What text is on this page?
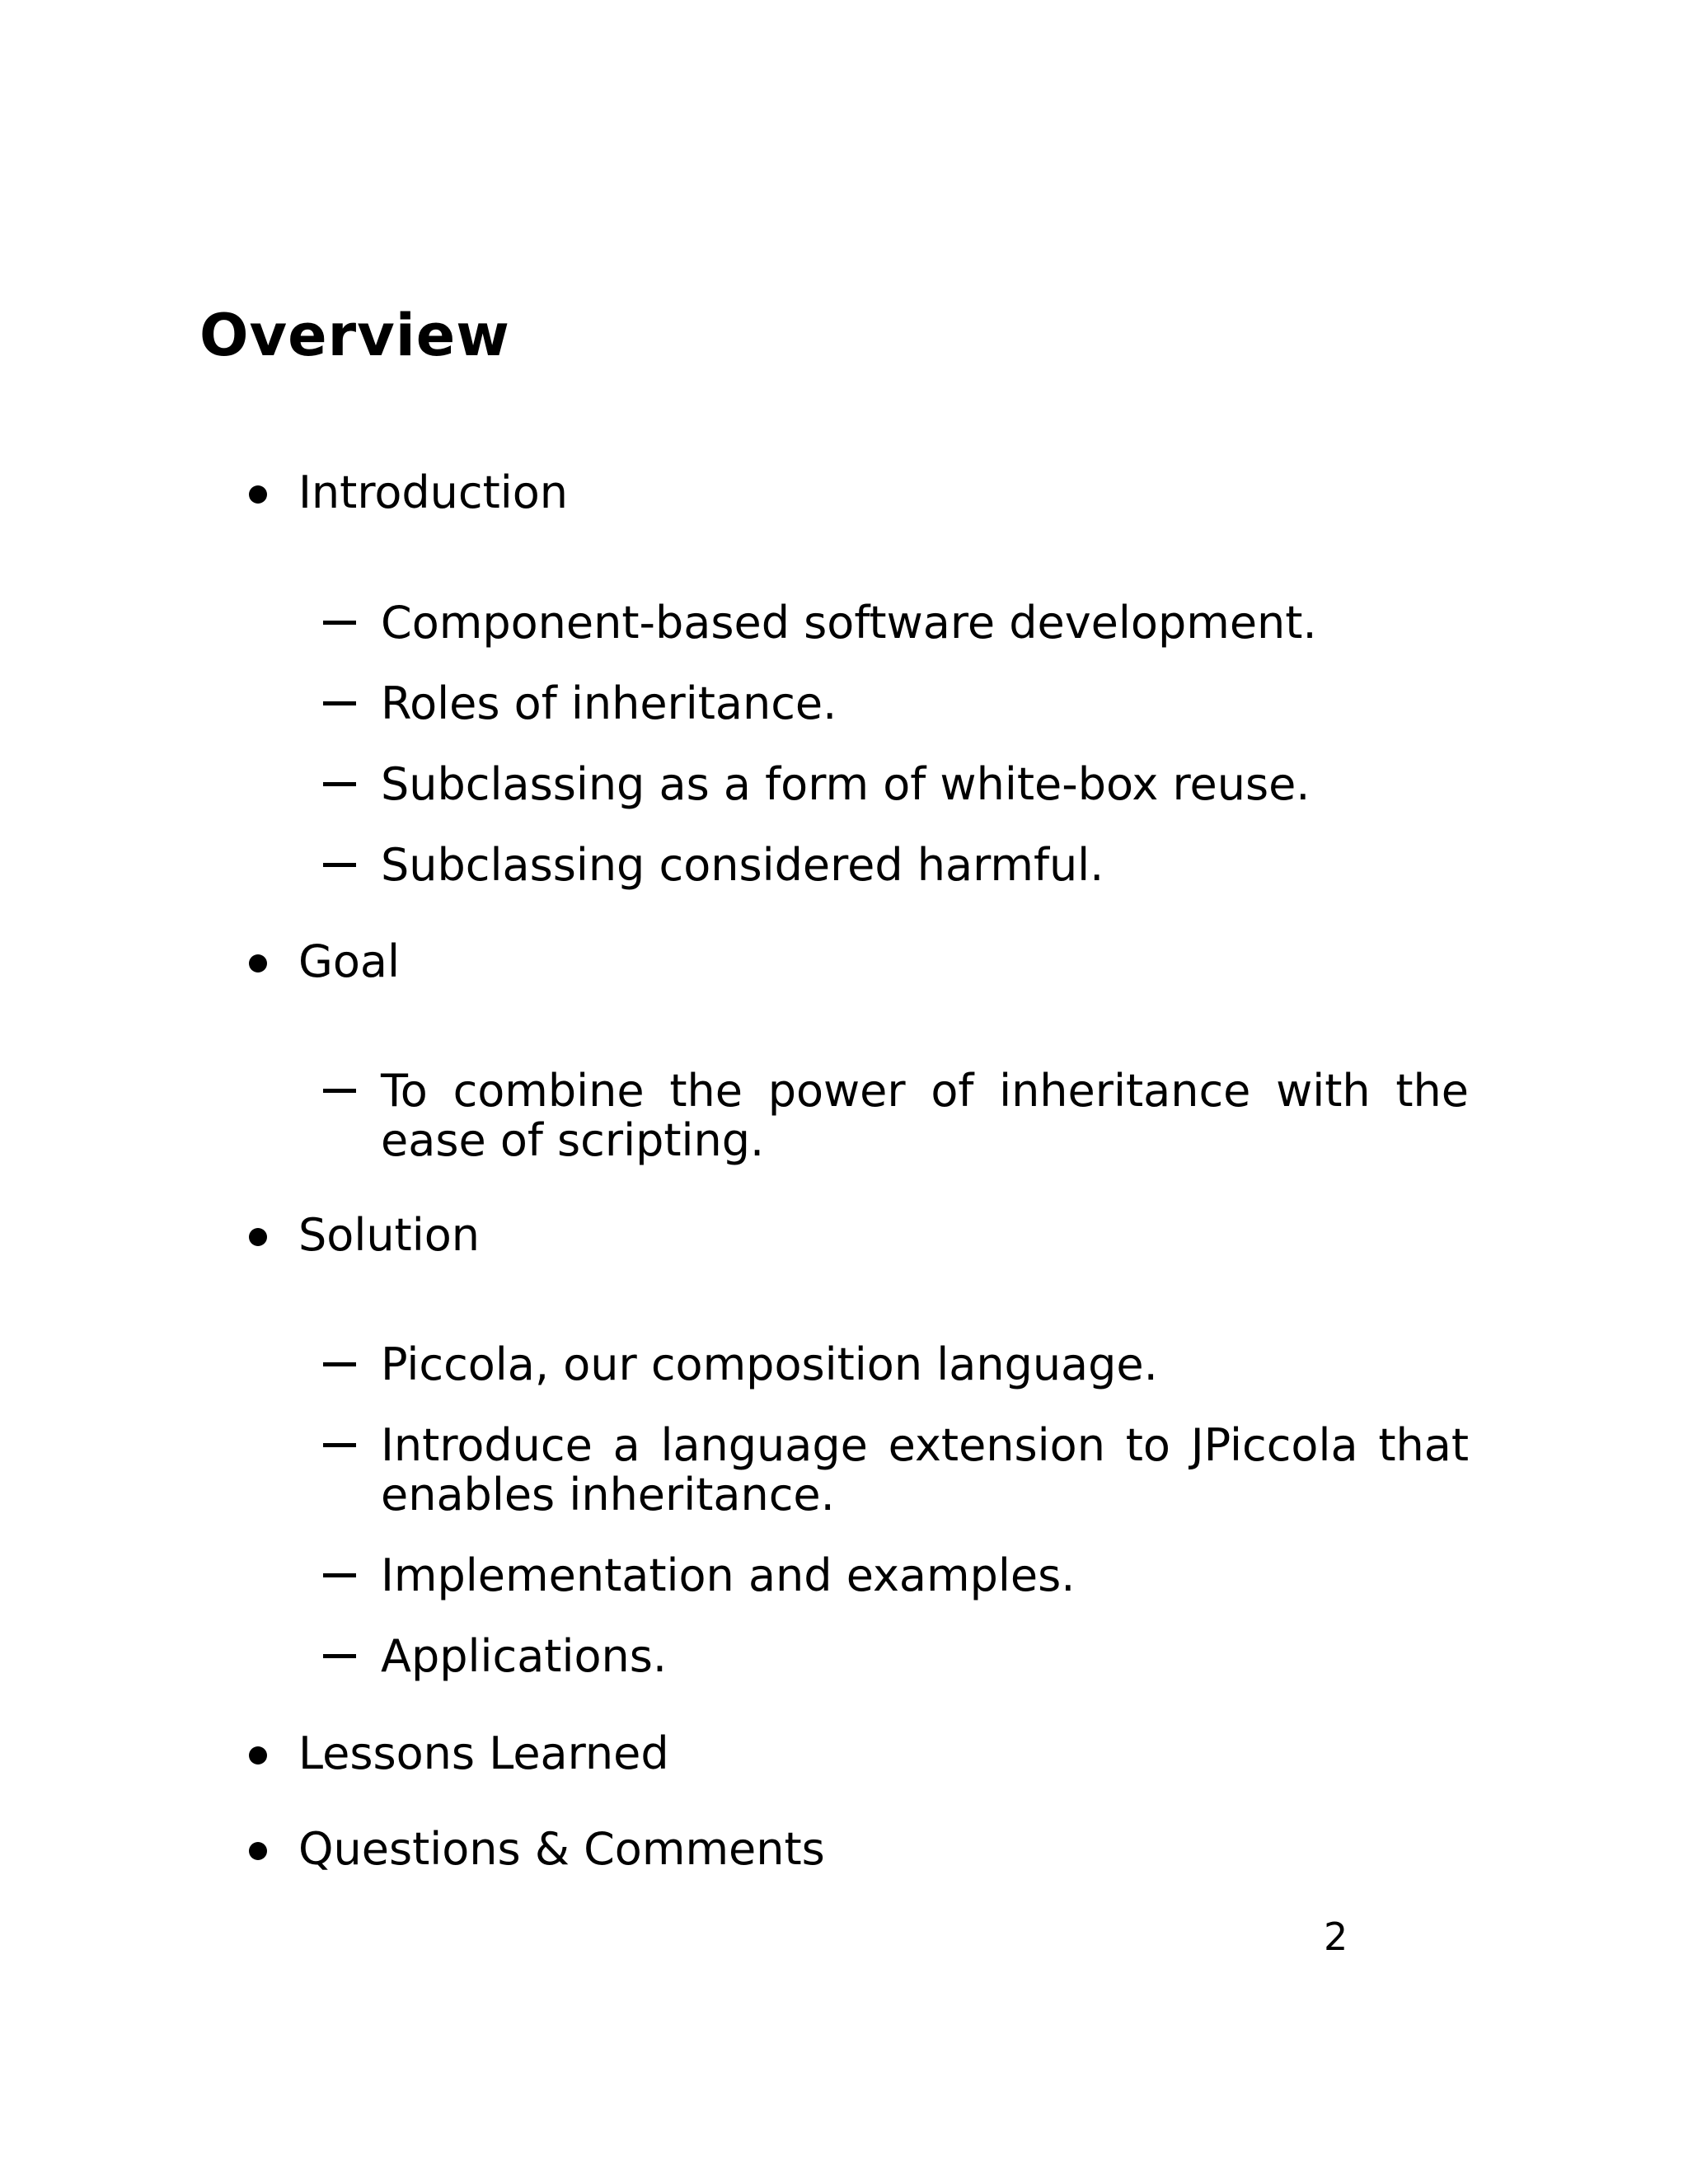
Overview
Introduction
Component-based software development.
Roles of inheritance.
Subclassing as a form of white-box reuse.
Subclassing considered harmful.
Goal
To combine the power of inheritance with the ease of scripting.
Solution
Piccola, our composition language.
Introduce a language extension to JPiccola that enables inheritance.
Implementation and examples.
Applications.
Lessons Learned
Questions & Comments
2
